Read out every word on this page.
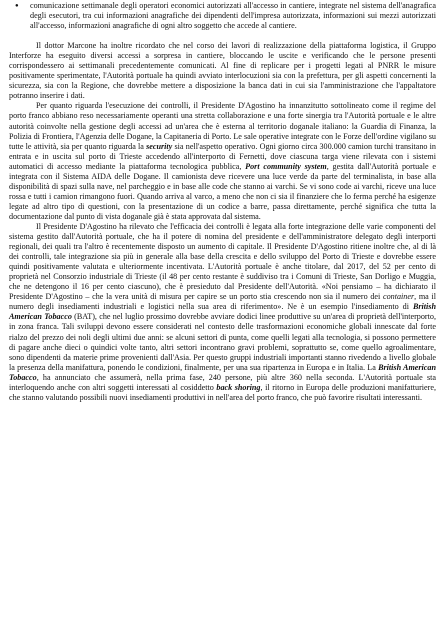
●	comunicazione settimanale degli operatori economici autorizzati all'accesso in cantiere, integrate nel sistema dell'anagrafica degli esecutori, tra cui informazioni anagrafiche dei dipendenti dell'impresa autorizzata, informazioni sui mezzi autorizzati all'accesso, informazioni anagrafiche di ogni altro soggetto che accede al cantiere.

Il dottor Marcone ha inoltre ricordato che nel corso dei lavori di realizzazione della piattaforma logistica, il Gruppo Interforze ha eseguito diversi accessi a sorpresa in cantiere, bloccando le uscite e verificando che le persone presenti corrispondessero ai settimanali precedentemente comunicati. Al fine di replicare per i progetti legati al PNRR le misure positivamente sperimentate, l'Autorità portuale ha quindi avviato interlocuzioni sia con la prefettura, per gli aspetti concernenti la sicurezza, sia con la Regione, che dovrebbe mettere a disposizione la banca dati in cui sia l'amministrazione che l'appaltatore potranno inserire i dati.

Per quanto riguarda l'esecuzione dei controlli, il Presidente D'Agostino ha innanzitutto sottolineato come il regime del porto franco abbiano reso necessariamente operanti una stretta collaborazione e una forte sinergia tra l'Autorità portuale e le altre autorità coinvolte nella gestione degli accessi ad un'area che è esterna al territorio doganale italiano: la Guardia di Finanza, la Polizia di Frontiera, l'Agenzia delle Dogane, la Capitaneria di Porto. Le sale operative integrate con le Forze dell'ordine vigilano su tutte le attività, sia per quanto riguarda la security sia nell'aspetto operativo. Ogni giorno circa 300.000 camion turchi transitano in entrata e in uscita sul porto di Trieste accedendo all'interporto di Fernetti, dove ciascuna targa viene rilevata con i sistemi automatici di accesso mediante la piattaforma tecnologica pubblica, Port community system, gestita dall'Autorità portuale e integrata con il Sistema AIDA delle Dogane. Il camionista deve ricevere una luce verde da parte del terminalista, in base alla disponibilità di spazi sulla nave, nel parcheggio e in base alle code che stanno ai varchi. Se vi sono code ai varchi, riceve una luce rossa e tutti i camion rimangono fuori. Quando arriva al varco, a meno che non ci sia il finanziere che lo ferma perché ha esigenze legate ad altro tipo di questioni, con la presentazione di un codice a barre, passa direttamente, perché significa che tutta la documentazione dal punto di vista doganale già è stata approvata dal sistema.

Il Presidente D'Agostino ha rilevato che l'efficacia dei controlli è legata alla forte integrazione delle varie componenti del sistema gestito dall'Autorità portuale, che ha il potere di nomina del presidente e dell'amministratore delegato degli interporti regionali, dei quali tra l'altro è recentemente disposto un aumento di capitale. Il Presidente D'Agostino ritiene inoltre che, al di là dei controlli, tale integrazione sia più in generale alla base della crescita e dello sviluppo del Porto di Trieste e dovrebbe essere quindi positivamente valutata e ulteriormente incentivata. L'Autorità portuale è anche titolare, dal 2017, del 52 per cento di proprietà nel Consorzio industriale di Trieste (il 48 per cento restante è suddiviso tra i Comuni di Trieste, San Dorligo e Muggia, che ne detengono il 16 per cento ciascuno), che è presieduto dal Presidente dell'Autorità. «Noi pensiamo – ha dichiarato il Presidente D'Agostino – che la vera unità di misura per capire se un porto stia crescendo non sia il numero dei container, ma il numero degli insediamenti industriali e logistici nella sua area di riferimento». Ne è un esempio l'insediamento di British American Tobacco (BAT), che nel luglio prossimo dovrebbe avviare dodici linee produttive su un'area di proprietà dell'interporto, in zona franca. Tali sviluppi devono essere considerati nel contesto delle trasformazioni economiche globali innescate dal forte rialzo del prezzo dei noli degli ultimi due anni: se alcuni settori di punta, come quelli legati alla tecnologia, si possono permettere di pagare anche dieci o quindici volte tanto, altri settori incontrano gravi problemi, soprattutto se, come quello agroalimentare, sono dipendenti da materie prime provenienti dall'Asia. Per questo gruppi industriali importanti stanno rivedendo a livello globale la presenza della manifattura, ponendo le condizioni, finalmente, per una sua ripartenza in Europa e in Italia. La British American Tobacco, ha annunciato che assumerà, nella prima fase, 240 persone, più altre 360 nella seconda. L'Autorità portuale sta interloquendo anche con altri soggetti interessati al cosiddetto back shoring, il ritorno in Europa delle produzioni manifatturiere, che stanno valutando possibili nuovi insediamenti produttivi in nell'area del porto franco, che può favorire risultati interessanti.
